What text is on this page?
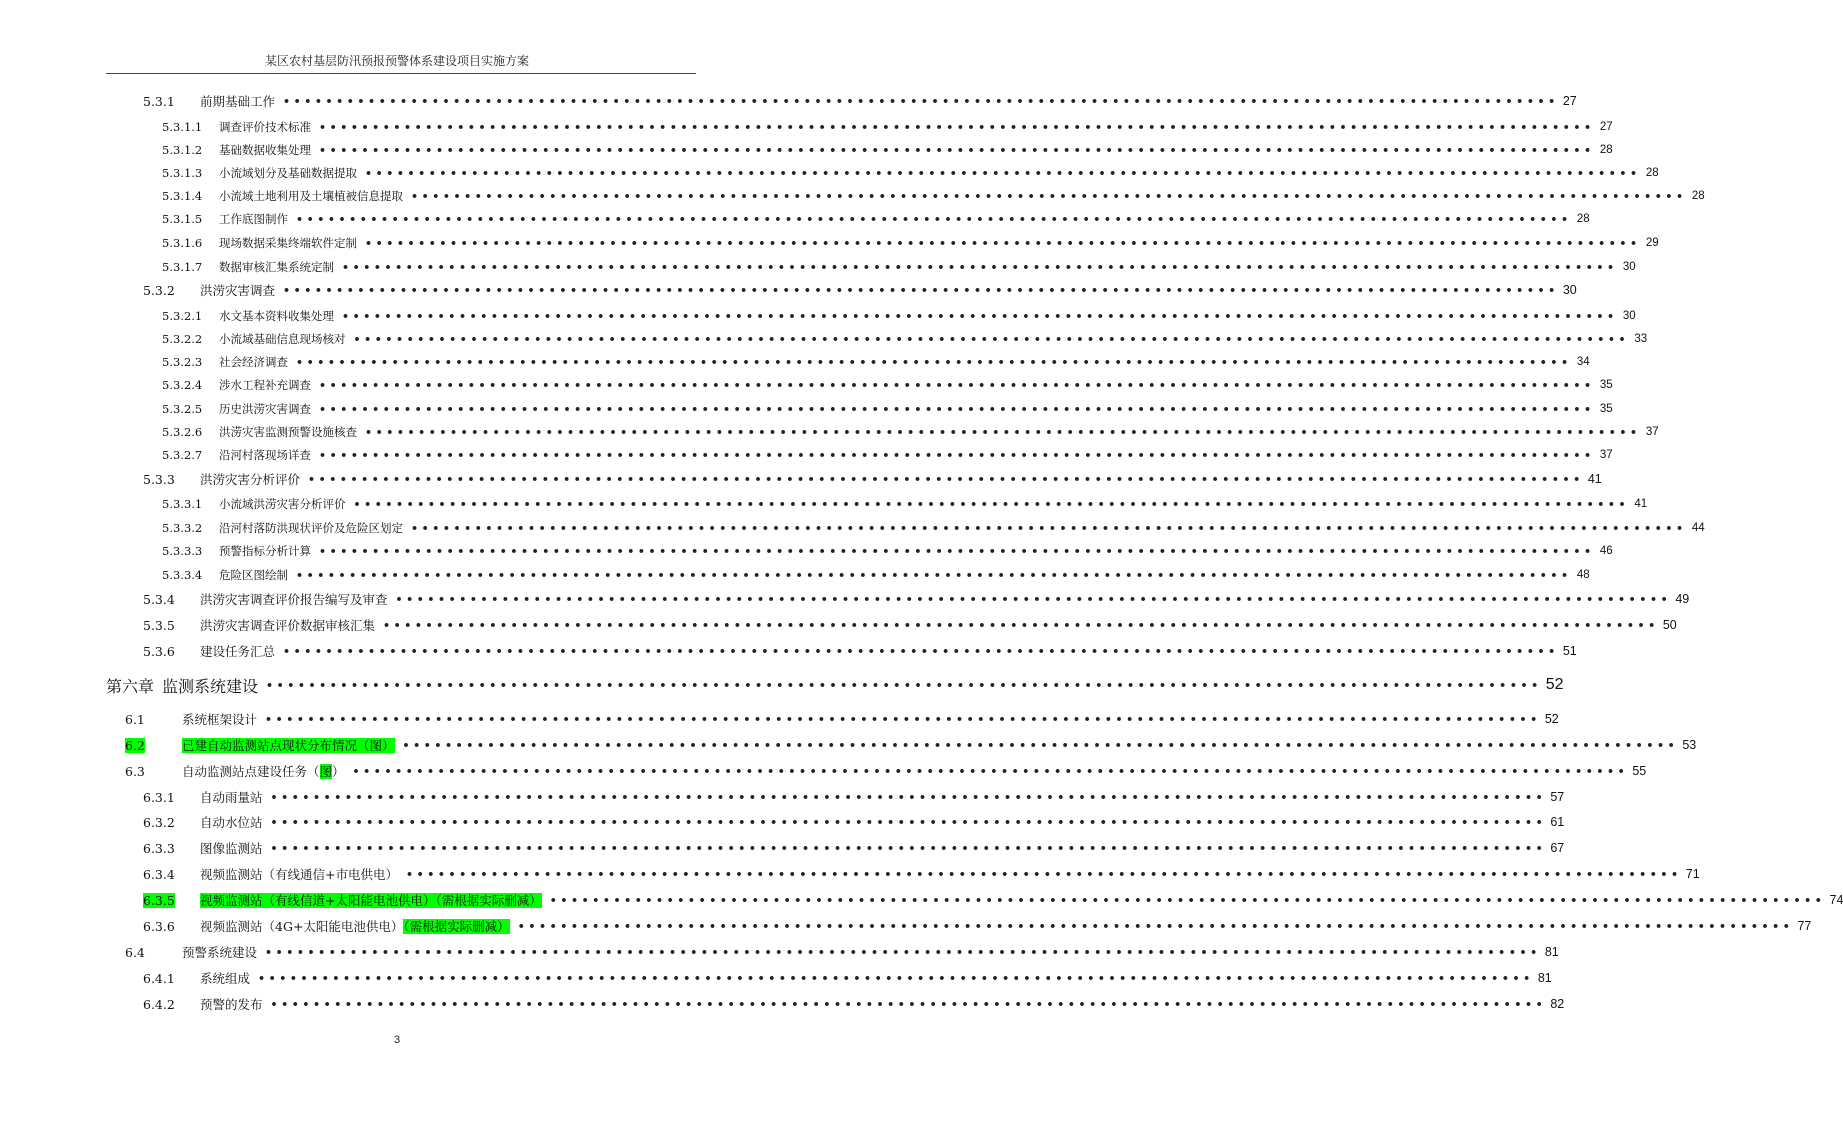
某区农村基层防汛预报预警体系建设项目实施方案
5.3.1	前期基础工作 •••••••••••••••••••••••••••••••••••••••••••••••••••••••••••••••••••••••••••••••••••••••••••••••••••••••••••••••••••••••• 27
5.3.1.1	调查评价技术标准 •••••••••••••••••••••••••••••••••••••••••••••••••••••••••••••••••••••••••••••••••••••••••••••••••••••••••••••••••••••••• 27
5.3.1.2	基础数据收集处理 •••••••••••••••••••••••••••••••••••••••••••••••••••••••••••••••••••••••••••••••••••••••••••••••••••••••••••••••••••••••• 28
5.3.1.3	小流域划分及基础数据提取 •••••••••••••••••••••••••••••••••••••••••••••••••••••••••••••••••••••••••••••••••••••••••••••••••••••••••••••••••••••••• 28
5.3.1.4	小流域土地利用及土壤植被信息提取 •••••••••••••••••••••••••••••••••••••••••••••••••••••••••••••••••••••••••••••••••••••••••••••••••••••••••••••••••••••••• 28
5.3.1.5	工作底图制作 •••••••••••••••••••••••••••••••••••••••••••••••••••••••••••••••••••••••••••••••••••••••••••••••••••••••••••••••••••••••• 28
5.3.1.6	现场数据采集终端软件定制 •••••••••••••••••••••••••••••••••••••••••••••••••••••••••••••••••••••••••••••••••••••••••••••••••••••••••••••••••••••••• 29
5.3.1.7	数据审核汇集系统定制 •••••••••••••••••••••••••••••••••••••••••••••••••••••••••••••••••••••••••••••••••••••••••••••••••••••••••••••••••••••••• 30
5.3.2	洪涝灾害调查 •••••••••••••••••••••••••••••••••••••••••••••••••••••••••••••••••••••••••••••••••••••••••••••••••••••••••••••••••••••••• 30
5.3.2.1	水文基本资料收集处理 •••••••••••••••••••••••••••••••••••••••••••••••••••••••••••••••••••••••••••••••••••••••••••••••••••••••••••••••••••••••• 30
5.3.2.2	小流域基础信息现场核对 •••••••••••••••••••••••••••••••••••••••••••••••••••••••••••••••••••••••••••••••••••••••••••••••••••••••••••••••••••••••• 33
5.3.2.3	社会经济调查 •••••••••••••••••••••••••••••••••••••••••••••••••••••••••••••••••••••••••••••••••••••••••••••••••••••••••••••••••••••••• 34
5.3.2.4	涉水工程补充调查 •••••••••••••••••••••••••••••••••••••••••••••••••••••••••••••••••••••••••••••••••••••••••••••••••••••••••••••••••••••••• 35
5.3.2.5	历史洪涝灾害调查 •••••••••••••••••••••••••••••••••••••••••••••••••••••••••••••••••••••••••••••••••••••••••••••••••••••••••••••••••••••••• 35
5.3.2.6	洪涝灾害监测预警设施核查 •••••••••••••••••••••••••••••••••••••••••••••••••••••••••••••••••••••••••••••••••••••••••••••••••••••••••••••••••••••••• 37
5.3.2.7	沿河村落现场详查 •••••••••••••••••••••••••••••••••••••••••••••••••••••••••••••••••••••••••••••••••••••••••••••••••••••••••••••••••••••••• 37
5.3.3	洪涝灾害分析评价 •••••••••••••••••••••••••••••••••••••••••••••••••••••••••••••••••••••••••••••••••••••••••••••••••••••••••••••••••••••••• 41
5.3.3.1	小流域洪涝灾害分析评价 •••••••••••••••••••••••••••••••••••••••••••••••••••••••••••••••••••••••••••••••••••••••••••••••••••••••••••••••••••••••• 41
5.3.3.2	沿河村落防洪现状评价及危险区划定 •••••••••••••••••••••••••••••••••••••••••••••••••••••••••••••••••••••••••••••••••••••••••••••••••••••••••••••••••••••••• 44
5.3.3.3	预警指标分析计算 •••••••••••••••••••••••••••••••••••••••••••••••••••••••••••••••••••••••••••••••••••••••••••••••••••••••••••••••••••••••• 46
5.3.3.4	危险区图绘制 •••••••••••••••••••••••••••••••••••••••••••••••••••••••••••••••••••••••••••••••••••••••••••••••••••••••••••••••••••••••• 48
5.3.4	洪涝灾害调查评价报告编写及审查 •••••••••••••••••••••••••••••••••••••••••••••••••••••••••••••••••••••••••••••••••••••••••••••••••••••••••••••••••••••••• 49
5.3.5	洪涝灾害调查评价数据审核汇集 •••••••••••••••••••••••••••••••••••••••••••••••••••••••••••••••••••••••••••••••••••••••••••••••••••••••••••••••••••••••• 50
5.3.6	建设任务汇总 •••••••••••••••••••••••••••••••••••••••••••••••••••••••••••••••••••••••••••••••••••••••••••••••••••••••••••••••••••••••• 51
第六章 监测系统建设 •••••••••••••••••••••••••••••••••••••••••••••••••••••••••••••••••••••••••••••••••••••••••••••••••••••••••••••••••••••••• 52
6.1	系统框架设计 •••••••••••••••••••••••••••••••••••••••••••••••••••••••••••••••••••••••••••••••••••••••••••••••••••••••••••••••••••••••• 52
6.2	已建自动监测站点现状分布情况（图） •••••••••••••••••••••••••••••••••••••••••••••••••••••••••••••••••••••••••••••••••••••••••••••••••••••••••••••••••••••••• 53
6.3	自动监测站点建设任务（图） •••••••••••••••••••••••••••••••••••••••••••••••••••••••••••••••••••••••••••••••••••••••••••••••••••••••••••••••••••••••• 55
6.3.1	自动雨量站 •••••••••••••••••••••••••••••••••••••••••••••••••••••••••••••••••••••••••••••••••••••••••••••••••••••••••••••••••••••••• 57
6.3.2	自动水位站 •••••••••••••••••••••••••••••••••••••••••••••••••••••••••••••••••••••••••••••••••••••••••••••••••••••••••••••••••••••••• 61
6.3.3	图像监测站 •••••••••••••••••••••••••••••••••••••••••••••••••••••••••••••••••••••••••••••••••••••••••••••••••••••••••••••••••••••••• 67
6.3.4	视频监测站（有线通信+市电供电） •••••••••••••••••••••••••••••••••••••••••••••••••••••••••••••••••••••••••••••••••••••••••••••••••••••••••••••••••••••••• 71
6.3.5	视频监测站（有线信道+太阳能电池供电）（需根据实际删减） •••••••••••••••••••••••••••••••••••••••••••••••••••••••••••••••••••••••••••••••••••••••••••••••••••••••••••••••••••••••• 74
6.3.6	视频监测站（4G+太阳能电池供电）（需根据实际删减） •••••••••••••••••••••••••••••••••••••••••••••••••••••••••••••••••••••••••••••••••••••••••••••••••••••••••••••••••••••••• 77
6.4	预警系统建设 •••••••••••••••••••••••••••••••••••••••••••••••••••••••••••••••••••••••••••••••••••••••••••••••••••••••••••••••••••••••• 81
6.4.1	系统组成 •••••••••••••••••••••••••••••••••••••••••••••••••••••••••••••••••••••••••••••••••••••••••••••••••••••••••••••••••••••••• 81
6.4.2	预警的发布 •••••••••••••••••••••••••••••••••••••••••••••••••••••••••••••••••••••••••••••••••••••••••••••••••••••••••••••••••••••••• 82
3
